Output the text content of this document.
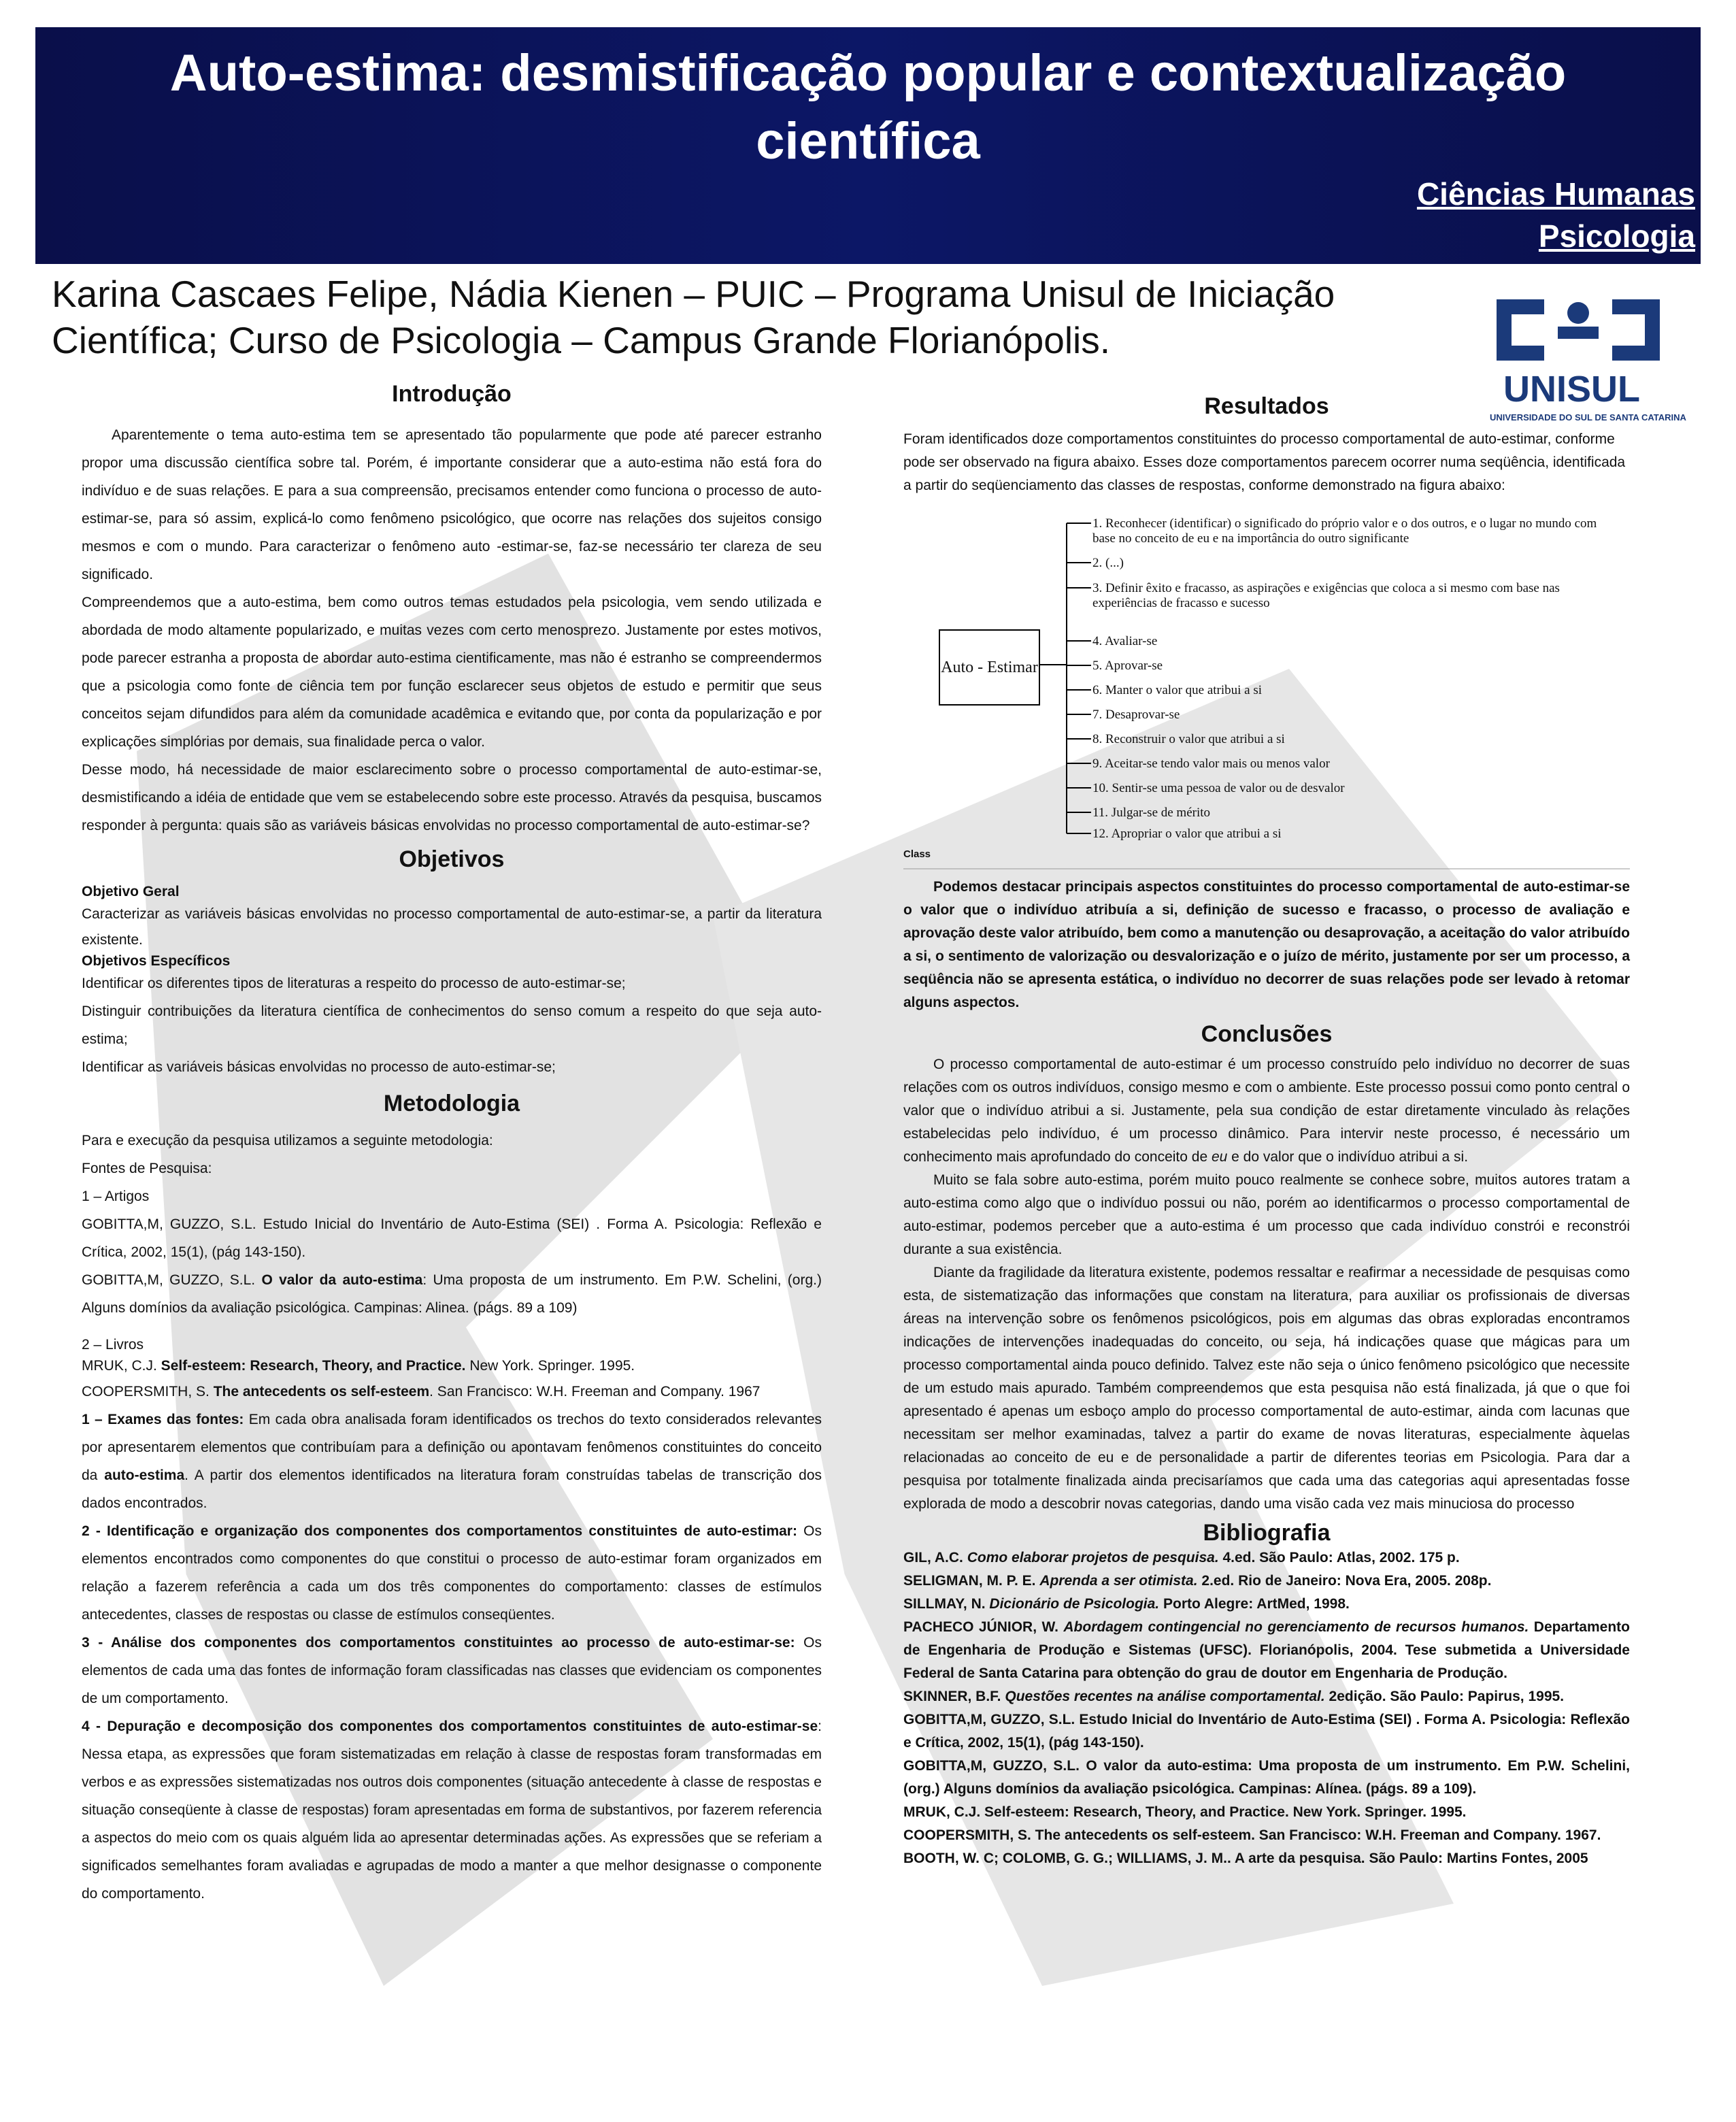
Auto-estima: desmistificação popular e contextualização
científica
Ciências Humanas
Psicologia
Karina Cascaes Felipe, Nádia Kienen – PUIC – Programa Unisul de Iniciação
Científica; Curso de Psicologia – Campus Grande Florianópolis.
UNISUL
UNIVERSIDADE DO SUL DE SANTA CATARINA
Introdução

Aparentemente o tema auto-estima tem se apresentado tão popularmente que pode até parecer estranho propor uma discussão científica sobre tal. Porém, é importante considerar que a auto-estima não está fora do indivíduo e de suas relações. E para a sua compreensão, precisamos entender como funciona o processo de auto-estimar-se, para só assim, explicá-lo como fenômeno psicológico, que ocorre nas relações dos sujeitos consigo mesmos e com o mundo. Para caracterizar o fenômeno auto -estimar-se, faz-se necessário ter clareza de seu significado.

Compreendemos que a auto-estima, bem como outros temas estudados pela psicologia, vem sendo utilizada e abordada de modo altamente popularizado, e muitas vezes com certo menosprezo. Justamente por estes motivos, pode parecer estranha a proposta de abordar auto-estima cientificamente, mas não é estranho se compreendermos que a psicologia como fonte de ciência tem por função esclarecer seus objetos de estudo e permitir que seus conceitos sejam difundidos para além da comunidade acadêmica e evitando que, por conta da popularização e por explicações simplórias por demais, sua finalidade perca o valor.

Desse modo, há necessidade de maior esclarecimento sobre o processo comportamental de auto-estimar-se, desmistificando a idéia de entidade que vem se estabelecendo sobre este processo. Através da pesquisa, buscamos responder à pergunta: quais são as variáveis básicas envolvidas no processo comportamental de auto-estimar-se?

Objetivos

Objetivo Geral

Caracterizar as variáveis básicas envolvidas no processo comportamental de auto-estimar-se, a partir da literatura existente.

Objetivos Específicos

Identificar os diferentes tipos de literaturas a respeito do processo de auto-estimar-se;

Distinguir contribuições da literatura científica de conhecimentos do senso comum a respeito do que seja auto-estima;

Identificar as variáveis básicas envolvidas no processo de auto-estimar-se;

Metodologia

Para e execução da pesquisa utilizamos a seguinte metodologia:

Fontes de Pesquisa:

1 – Artigos

GOBITTA,M, GUZZO, S.L. Estudo Inicial do Inventário de Auto-Estima (SEI) . Forma A. Psicologia: Reflexão e Crítica, 2002, 15(1), (pág 143-150).

GOBITTA,M, GUZZO, S.L. O valor da auto-estima: Uma proposta de um instrumento. Em P.W. Schelini, (org.) Alguns domínios da avaliação psicológica. Campinas: Alinea. (págs. 89 a 109)

2 – Livros

MRUK, C.J. Self-esteem: Research, Theory, and Practice. New York. Springer. 1995.

COOPERSMITH, S. The antecedents os self-esteem. San Francisco: W.H. Freeman and Company. 1967

1 – Exames das fontes: Em cada obra analisada foram identificados os trechos do texto considerados relevantes por apresentarem elementos que contribuíam para a definição ou apontavam fenômenos constituintes do conceito da auto-estima. A partir dos elementos identificados na literatura foram construídas tabelas de transcrição dos dados encontrados.

2 - Identificação e organização dos componentes dos comportamentos constituintes de auto-estimar: Os elementos encontrados como componentes do que constitui o processo de auto-estimar foram organizados em relação a fazerem referência a cada um dos três componentes do comportamento: classes de estímulos antecedentes, classes de respostas ou classe de estímulos conseqüentes.

3 - Análise dos componentes dos comportamentos constituintes ao processo de auto-estimar-se: Os elementos de cada uma das fontes de informação foram classificadas nas classes que evidenciam os componentes de um comportamento.

4 - Depuração e decomposição dos componentes dos comportamentos constituintes de auto-estimar-se: Nessa etapa, as expressões que foram sistematizadas em relação à classe de respostas foram transformadas em verbos e as expressões sistematizadas nos outros dois componentes (situação antecedente à classe de respostas e situação conseqüente à classe de respostas) foram apresentadas em forma de substantivos, por fazerem referencia a aspectos do meio com os quais alguém lida ao apresentar determinadas ações. As expressões que se referiam a significados semelhantes foram avaliadas e agrupadas de modo a manter a que melhor designasse o componente do comportamento.

Resultados

Foram identificados doze comportamentos constituintes do processo comportamental de auto-estimar, conforme pode ser observado na figura abaixo. Esses doze comportamentos parecem ocorrer numa seqüência, identificada a partir do seqüenciamento das classes de respostas, conforme demonstrado na figura abaixo:

Auto - Estimar
1. Reconhecer (identificar) o significado do próprio valor e o dos outros, e o lugar no mundo com base no conceito de eu e na importância do outro significante
2. (...)
3. Definir êxito e fracasso, as aspirações e exigências que coloca a si mesmo com base nas experiências de fracasso e sucesso
4. Avaliar-se
5. Aprovar-se
6. Manter o valor que atribui a si
7. Desaprovar-se
8. Reconstruir o valor que atribui a si
9. Aceitar-se tendo valor mais ou menos valor
10. Sentir-se uma pessoa de valor ou de desvalor
11. Julgar-se de mérito
12. Apropriar o valor que atribui a si
Class

Podemos destacar principais aspectos constituintes do processo comportamental de auto-estimar-se o valor que o indivíduo atribuía a si, definição de sucesso e fracasso, o processo de avaliação e aprovação deste valor atribuído, bem como a manutenção ou desaprovação, a aceitação do valor atribuído a si, o sentimento de valorização ou desvalorização e o juízo de mérito, justamente por ser um processo, a seqüência não se apresenta estática, o indivíduo no decorrer de suas relações pode ser levado à retomar alguns aspectos.

Conclusões

O processo comportamental de auto-estimar é um processo construído pelo indivíduo no decorrer de suas relações com os outros indivíduos, consigo mesmo e com o ambiente. Este processo possui como ponto central o valor que o indivíduo atribui a si. Justamente, pela sua condição de estar diretamente vinculado às relações estabelecidas pelo indivíduo, é um processo dinâmico. Para intervir neste processo, é necessário um conhecimento mais aprofundado do conceito de eu e do valor que o indivíduo atribui a si.

Muito se fala sobre auto-estima, porém muito pouco realmente se conhece sobre, muitos autores tratam a auto-estima como algo que o indivíduo possui ou não, porém ao identificarmos o processo comportamental de auto-estimar, podemos perceber que a auto-estima é um processo que cada indivíduo constrói e reconstrói durante a sua existência.

Diante da fragilidade da literatura existente, podemos ressaltar e reafirmar a necessidade de pesquisas como esta, de sistematização das informações que constam na literatura, para auxiliar os profissionais de diversas áreas na intervenção sobre os fenômenos psicológicos, pois em algumas das obras exploradas encontramos indicações de intervenções inadequadas do conceito, ou seja, há indicações quase que mágicas para um processo comportamental ainda pouco definido. Talvez este não seja o único fenômeno psicológico que necessite de um estudo mais apurado. Também compreendemos que esta pesquisa não está finalizada, já que o que foi apresentado é apenas um esboço amplo do processo comportamental de auto-estimar, ainda com lacunas que necessitam ser melhor examinadas, talvez a partir do exame de novas literaturas, especialmente àquelas relacionadas ao conceito de eu e de personalidade a partir de diferentes teorias em Psicologia. Para dar a pesquisa por totalmente finalizada ainda precisaríamos que cada uma das categorias aqui apresentadas fosse explorada de modo a descobrir novas categorias, dando uma visão cada vez mais minuciosa do processo

Bibliografia

GIL, A.C. Como elaborar projetos de pesquisa. 4.ed. São Paulo: Atlas, 2002. 175 p.

SELIGMAN, M. P. E. Aprenda a ser otimista. 2.ed. Rio de Janeiro: Nova Era, 2005. 208p.

SILLMAY, N. Dicionário de Psicologia. Porto Alegre: ArtMed, 1998.

PACHECO JÚNIOR, W. Abordagem contingencial no gerenciamento de recursos humanos. Departamento de Engenharia de Produção e Sistemas (UFSC). Florianópolis, 2004. Tese submetida a Universidade Federal de Santa Catarina para obtenção do grau de doutor em Engenharia de Produção.

SKINNER, B.F. Questões recentes na análise comportamental. 2edição. São Paulo: Papirus, 1995.

GOBITTA,M, GUZZO, S.L. Estudo Inicial do Inventário de Auto-Estima (SEI) . Forma A. Psicologia: Reflexão e Crítica, 2002, 15(1), (pág 143-150).

GOBITTA,M, GUZZO, S.L. O valor da auto-estima: Uma proposta de um instrumento. Em P.W. Schelini, (org.) Alguns domínios da avaliação psicológica. Campinas: Alínea. (págs. 89 a 109).

MRUK, C.J. Self-esteem: Research, Theory, and Practice. New York. Springer. 1995.

COOPERSMITH, S. The antecedents os self-esteem. San Francisco: W.H. Freeman and Company. 1967.

BOOTH, W. C; COLOMB, G. G.; WILLIAMS, J. M.. A arte da pesquisa. São Paulo: Martins Fontes, 2005
